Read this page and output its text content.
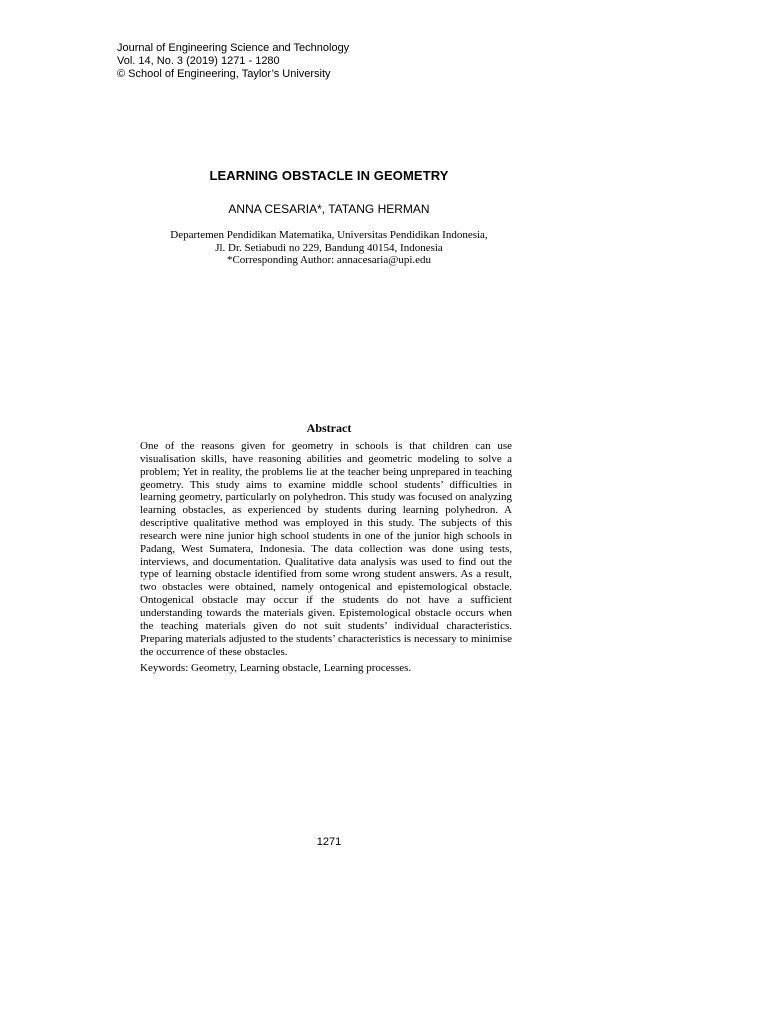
Journal of Engineering Science and Technology
Vol. 14, No. 3 (2019) 1271 - 1280
© School of Engineering, Taylor’s University
LEARNING OBSTACLE IN GEOMETRY
ANNA CESARIA*, TATANG HERMAN
Departemen Pendidikan Matematika, Universitas Pendidikan Indonesia,
Jl. Dr. Setiabudi no 229, Bandung 40154, Indonesia
*Corresponding Author: annacesaria@upi.edu
Abstract
One of the reasons given for geometry in schools is that children can use visualisation skills, have reasoning abilities and geometric modeling to solve a problem; Yet in reality, the problems lie at the teacher being unprepared in teaching geometry. This study aims to examine middle school students’ difficulties in learning geometry, particularly on polyhedron. This study was focused on analyzing learning obstacles, as experienced by students during learning polyhedron. A descriptive qualitative method was employed in this study. The subjects of this research were nine junior high school students in one of the junior high schools in Padang, West Sumatera, Indonesia. The data collection was done using tests, interviews, and documentation. Qualitative data analysis was used to find out the type of learning obstacle identified from some wrong student answers. As a result, two obstacles were obtained, namely ontogenical and epistemological obstacle. Ontogenical obstacle may occur if the students do not have a sufficient understanding towards the materials given. Epistemological obstacle occurs when the teaching materials given do not suit students’ individual characteristics. Preparing materials adjusted to the students’ characteristics is necessary to minimise the occurrence of these obstacles.
Keywords: Geometry, Learning obstacle, Learning processes.
1271
